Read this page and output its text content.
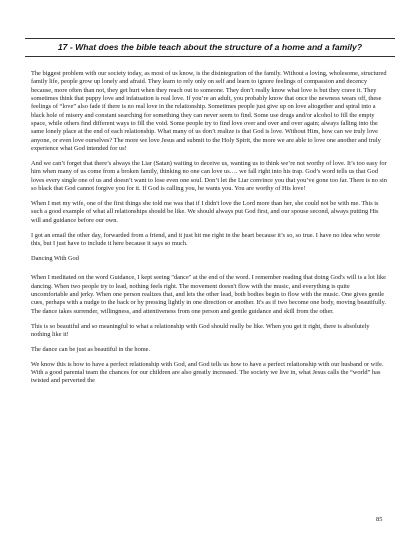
17 - What does the bible teach about the structure of a home and a family?

The biggest problem with our society today, as most of us know, is the disintegration of the family. Without a loving, wholesome, structured family life, people grow up lonely and afraid. They learn to rely only on self and learn to ignore feelings of compassion and decency because, more often than not, they get hurt when they reach out to someone. They don’t really know what love is but they crave it. They sometimes think that puppy love and infatuation is real love. If you’re an adult, you probably know that once the newness wears off, these feelings of “love” also fade if there is no real love in the relationship. Sometimes people just give up on love altogether and spiral into a black hole of misery and constant searching for something they can never seem to find. Some use drugs and/or alcohol to fill the empty space, while others find different ways to fill the void. Some people try to find love over and over and over again; always falling into the same lonely place at the end of each relationship. What many of us don’t realize is that God is love. Without Him, how can we truly love anyone, or even love ourselves? The more we love Jesus and submit to the Holy Spirit, the more we are able to love one another and truly experience what God intended for us!

And we can’t forget that there’s always the Liar (Satan) waiting to deceive us, wanting us to think we’re not worthy of love. It’s too easy for him when many of us come from a broken family, thinking no one can love us…. we fall right into his trap. God’s word tells us that God loves every single one of us and doesn’t want to lose even one soul. Don’t let the Liar convince you that you’ve gone too far. There is no sin so black that God cannot forgive you for it. If God is calling you, he wants you. You are worthy of His love!

When I met my wife, one of the first things she told me was that if I didn't love the Lord more than her, she could not be with me. This is such a good example of what all relationships should be like. We should always put God first, and our spouse second, always putting His will and guidance before our own.

I got an email the other day, forwarded from a friend, and it just hit me right in the heart because it’s so, so true. I have no idea who wrote this, but I just have to include it here because it says so much.

Dancing With God

When I meditated on the word Guidance, I kept seeing "dance" at the end of the word. I remember reading that doing God's will is a lot like dancing. When two people try to lead, nothing feels right. The movement doesn't flow with the music, and everything is quite uncomfortable and jerky. When one person realizes that, and lets the other lead, both bodies begin to flow with the music. One gives gentle cues, perhaps with a nudge to the back or by pressing lightly in one direction or another. It's as if two become one body, moving beautifully. The dance takes surrender, willingness, and attentiveness from one person and gentle guidance and skill from the other.

This is so beautiful and so meaningful to what a relationship with God should really be like. When you get it right, there is absolutely nothing like it!

The dance can be just as beautiful in the home.

We know this is how to have a perfect relationship with God, and God tells us how to have a perfect relationship with our husband or wife. With a good parental team the chances for our children are also greatly increased. The society we live in, what Jesus calls the “world” has twisted and perverted the

85
